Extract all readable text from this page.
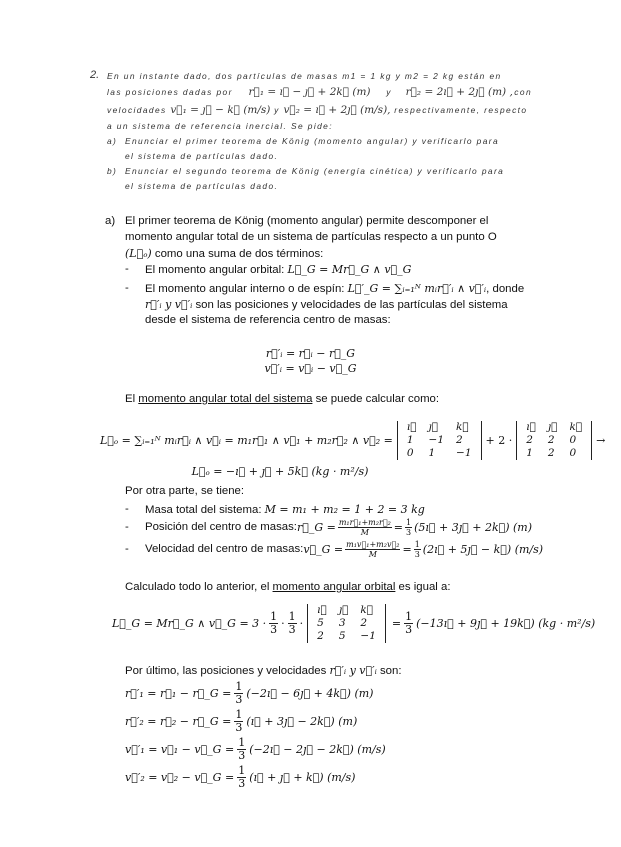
2. En un instante dado, dos partículas de masas m1 = 1 kg y m2 = 2 kg están en
las posiciones dadas por r⃗₁ = ı⃗ − ȷ⃗ + 2k⃗ (m) y r⃗₂ = 2ı⃗ + 2ȷ⃗ (m) , con
velocidades v⃗₁ = ȷ⃗ − k⃗ (m/s) y v⃗₂ = ı⃗ + 2ȷ⃗ (m/s), respectivamente, respecto
a un sistema de referencia inercial. Se pide:
a) Enunciar el primer teorema de König (momento angular) y verificarlo para
el sistema de partículas dado.
b) Enunciar el segundo teorema de König (energía cinética) y verificarlo para
el sistema de partículas dado.
a) El primer teorema de König (momento angular) permite descomponer el
momento angular total de un sistema de partículas respecto a un punto O
(L⃗ₒ) como una suma de dos términos:
- El momento angular orbital: L⃗_G = Mr⃗_G ∧ v⃗_G
- El momento angular interno o de espín: L⃗′_G = ∑ᵢ₌₁ᴺ mᵢr⃗′ᵢ ∧ v⃗′ᵢ, donde
r⃗′ᵢ y v⃗′ᵢ son las posiciones y velocidades de las partículas del sistema
desde el sistema de referencia centro de masas:
r⃗′ᵢ = r⃗ᵢ − r⃗_G
v⃗′ᵢ = v⃗ᵢ − v⃗_G
El momento angular total del sistema se puede calcular como:
L⃗ₒ = ∑ᵢ₌₁ᴺ mᵢr⃗ᵢ ∧ v⃗ᵢ = m₁r⃗₁ ∧ v⃗₁ + m₂r⃗₂ ∧ v⃗₂ =
ı⃗	ȷ⃗	k⃗
1	−1	2
0	1	−1
+ 2 ·
ı⃗	ȷ⃗	k⃗
2	2	0
1	2	0
→
L⃗ₒ = −ı⃗ + ȷ⃗ + 5k⃗ (kg · m²/s)
Por otra parte, se tiene:
- Masa total del sistema: M = m₁ + m₂ = 1 + 2 = 3 kg
-	Posición del centro de masas: r⃗_G = $\frac{\text{m₁r⃗₁+m₂r⃗₂}}{M} = \frac{1}{3}$ (5ı⃗ + 3ȷ⃗ + 2k⃗) (m)
-	Velocidad del centro de masas: v⃗_G = $\frac{\text{m₁v⃗₁+m₂v⃗₂}}{M} = \frac{1}{3}$ (2ı⃗ + 5ȷ⃗ − k⃗) (m/s)
Calculado todo lo anterior, el momento angular orbital es igual a:
L⃗_G = Mr⃗_G ∧ v⃗_G = $3 \cdot \frac{1}{3} \cdot \frac{1}{3}$ ·
ı⃗	ȷ⃗	k⃗
5	3	2
2	5	−1
= $\frac{1}{3}$ (−13ı⃗ + 9ȷ⃗ + 19k⃗) (kg · m²/s)
Por último, las posiciones y velocidades r⃗′ᵢ y v⃗′ᵢ son:
r⃗′₁ = r⃗₁ − r⃗_G = $\frac{1}{3}$ (−2ı⃗ − 6ȷ⃗ + 4k⃗) (m)
r⃗′₂ = r⃗₂ − r⃗_G = $\frac{1}{3}$ (ı⃗ + 3ȷ⃗ − 2k⃗) (m)
v⃗′₁ = v⃗₁ − v⃗_G = $\frac{1}{3}$ (−2ı⃗ − 2ȷ⃗ − 2k⃗) (m/s)
v⃗′₂ = v⃗₂ − v⃗_G = $\frac{1}{3}$ (ı⃗ + ȷ⃗ + k⃗) (m/s)
